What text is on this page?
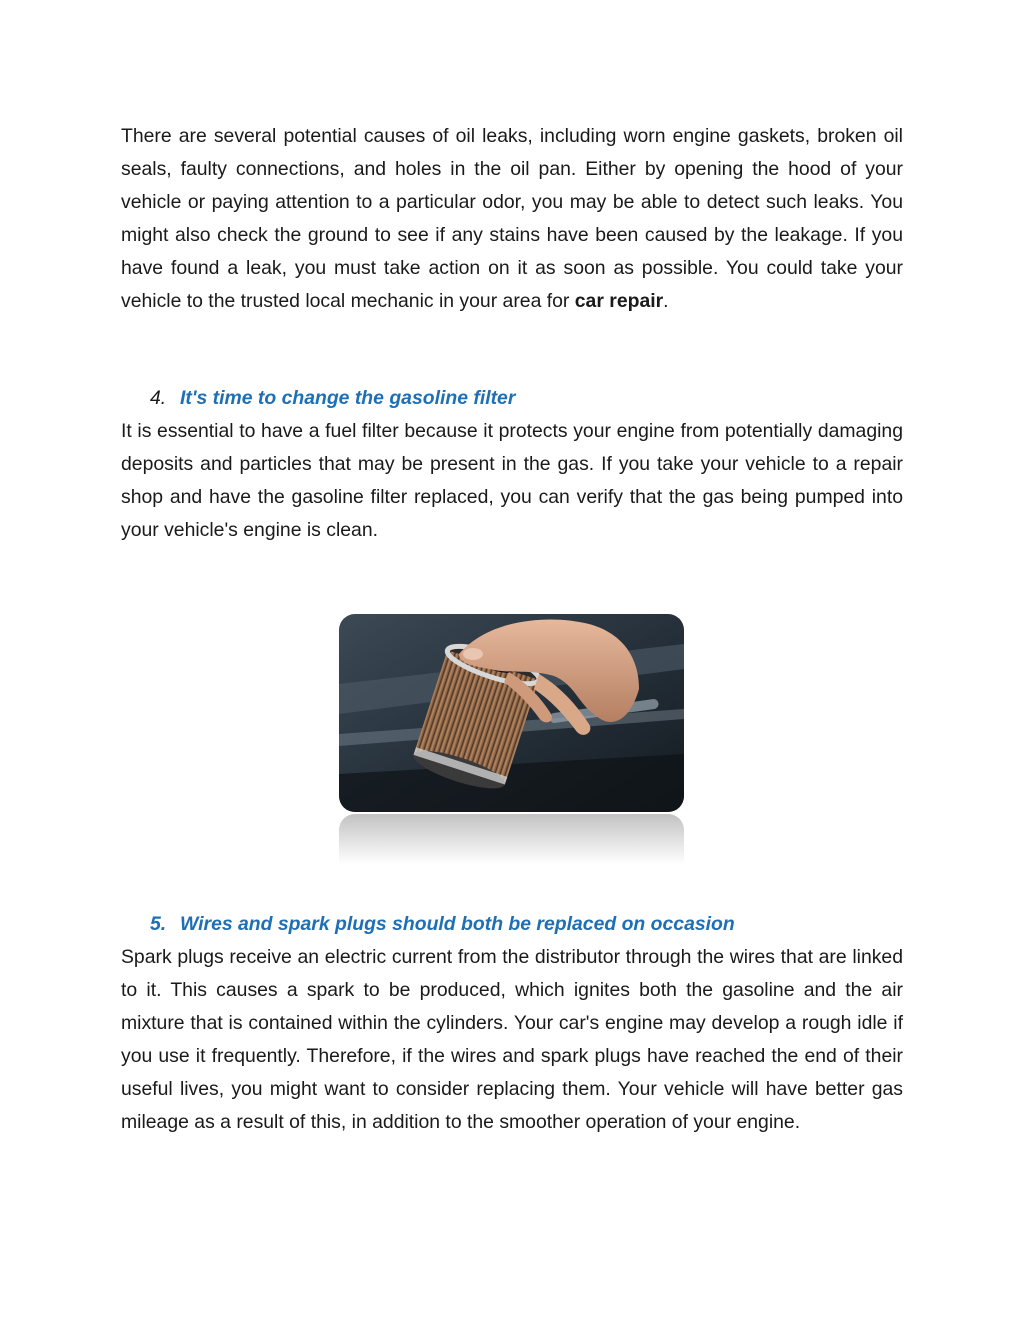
There are several potential causes of oil leaks, including worn engine gaskets, broken oil seals, faulty connections, and holes in the oil pan. Either by opening the hood of your vehicle or paying attention to a particular odor, you may be able to detect such leaks. You might also check the ground to see if any stains have been caused by the leakage. If you have found a leak, you must take action on it as soon as possible. You could take your vehicle to the trusted local mechanic in your area for car repair.

4. It's time to change the gasoline filter

It is essential to have a fuel filter because it protects your engine from potentially damaging deposits and particles that may be present in the gas. If you take your vehicle to a repair shop and have the gasoline filter replaced, you can verify that the gas being pumped into your vehicle's engine is clean.

5. Wires and spark plugs should both be replaced on occasion

Spark plugs receive an electric current from the distributor through the wires that are linked to it. This causes a spark to be produced, which ignites both the gasoline and the air mixture that is contained within the cylinders. Your car's engine may develop a rough idle if you use it frequently. Therefore, if the wires and spark plugs have reached the end of their useful lives, you might want to consider replacing them. Your vehicle will have better gas mileage as a result of this, in addition to the smoother operation of your engine.
